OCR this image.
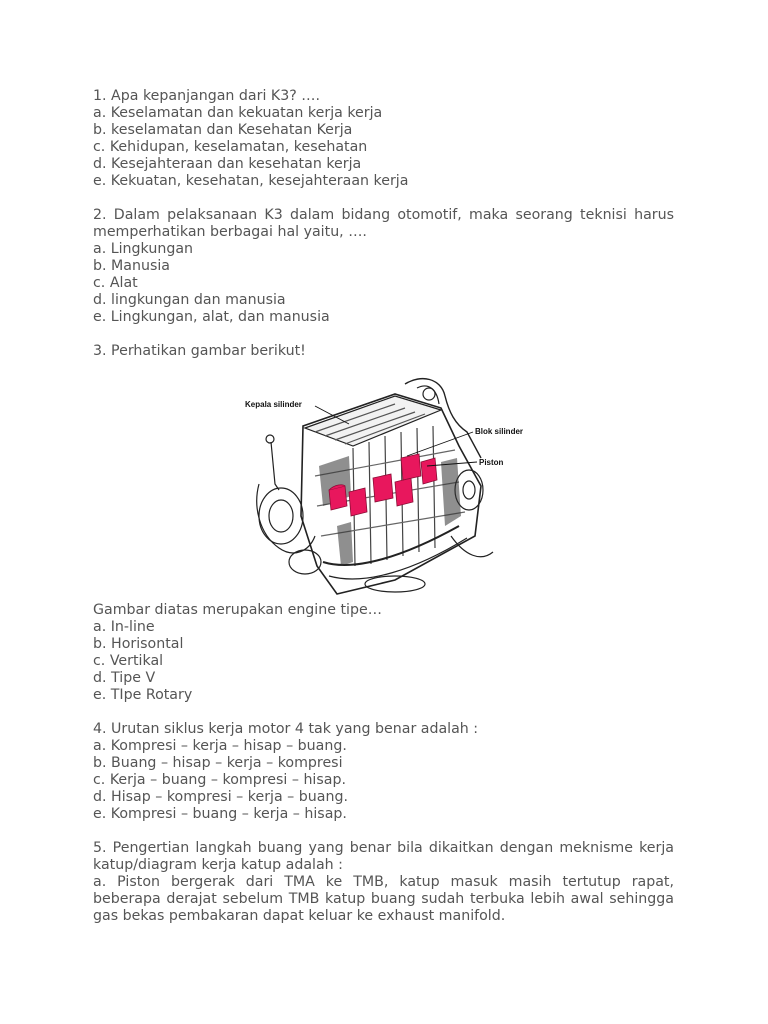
1. Apa kepanjangan dari K3? ….

a. Keselamatan dan kekuatan kerja kerja

b. keselamatan dan Kesehatan Kerja

c. Kehidupan, keselamatan, kesehatan

d. Kesejahteraan dan kesehatan kerja

e. Kekuatan, kesehatan, kesejahteraan kerja

2. Dalam pelaksanaan K3 dalam bidang otomotif, maka seorang teknisi harus memperhatikan berbagai hal yaitu, ….

a. Lingkungan

b. Manusia

c. Alat

d. lingkungan dan manusia

e. Lingkungan, alat, dan manusia

3. Perhatikan gambar berikut!

Kepala silinder
Blok silinder
Piston

Gambar diatas merupakan engine tipe…

a. In-line

b. Horisontal

c. Vertikal

d. Tipe V

e. TIpe Rotary

4. Urutan siklus kerja motor 4 tak yang benar adalah :

a. Kompresi – kerja – hisap – buang.

b. Buang – hisap – kerja – kompresi

c. Kerja – buang – kompresi – hisap.

d. Hisap – kompresi – kerja – buang.

e. Kompresi – buang – kerja – hisap.

5. Pengertian langkah buang yang benar bila dikaitkan dengan meknisme kerja katup/diagram kerja katup adalah :

a. Piston bergerak dari TMA ke TMB, katup masuk masih tertutup rapat, beberapa derajat sebelum TMB katup buang sudah terbuka lebih awal sehingga gas bekas pembakaran dapat keluar ke exhaust manifold.
